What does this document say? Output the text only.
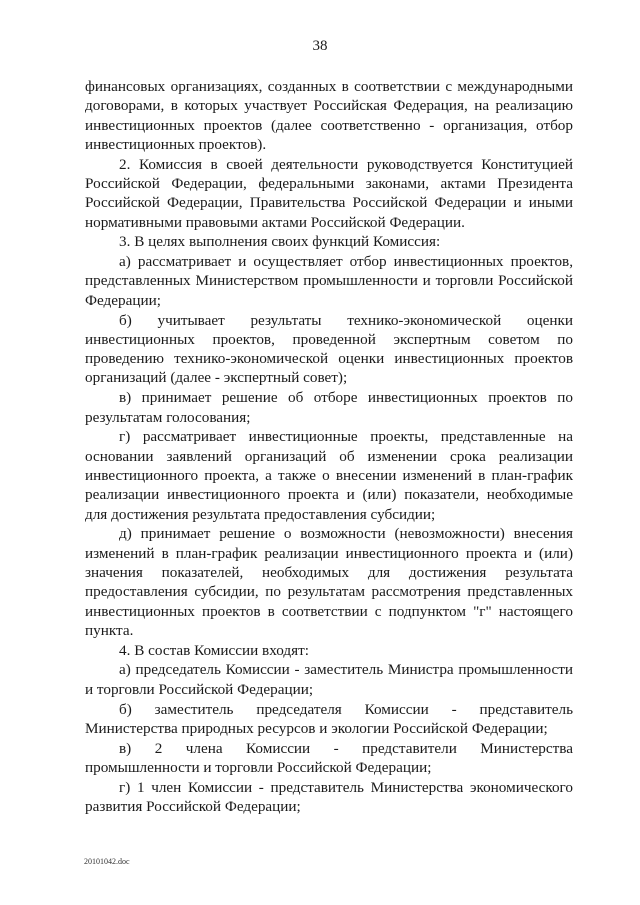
38

финансовых организациях, созданных в соответствии с международными договорами, в которых участвует Российская Федерация, на реализацию инвестиционных проектов (далее соответственно - организация, отбор инвестиционных проектов).

2. Комиссия в своей деятельности руководствуется Конституцией Российской Федерации, федеральными законами, актами Президента Российской Федерации, Правительства Российской Федерации и иными нормативными правовыми актами Российской Федерации.

3. В целях выполнения своих функций Комиссия:

а) рассматривает и осуществляет отбор инвестиционных проектов, представленных Министерством промышленности и торговли Российской Федерации;

б) учитывает результаты технико-экономической оценки инвестиционных проектов, проведенной экспертным советом по проведению технико-экономической оценки инвестиционных проектов организаций (далее - экспертный совет);

в) принимает решение об отборе инвестиционных проектов по результатам голосования;

г) рассматривает инвестиционные проекты, представленные на основании заявлений организаций об изменении срока реализации инвестиционного проекта, а также о внесении изменений в план-график реализации инвестиционного проекта и (или) показатели, необходимые для достижения результата предоставления субсидии;

д) принимает решение о возможности (невозможности) внесения изменений в план-график реализации инвестиционного проекта и (или) значения показателей, необходимых для достижения результата предоставления субсидии, по результатам рассмотрения представленных инвестиционных проектов в соответствии с подпунктом "г" настоящего пункта.

4. В состав Комиссии входят:

а) председатель Комиссии - заместитель Министра промышленности и торговли Российской Федерации;

б) заместитель председателя Комиссии - представитель Министерства природных ресурсов и экологии Российской Федерации;

в) 2 члена Комиссии - представители Министерства промышленности и торговли Российской Федерации;

г) 1 член Комиссии - представитель Министерства экономического развития Российской Федерации;

20101042.doc
